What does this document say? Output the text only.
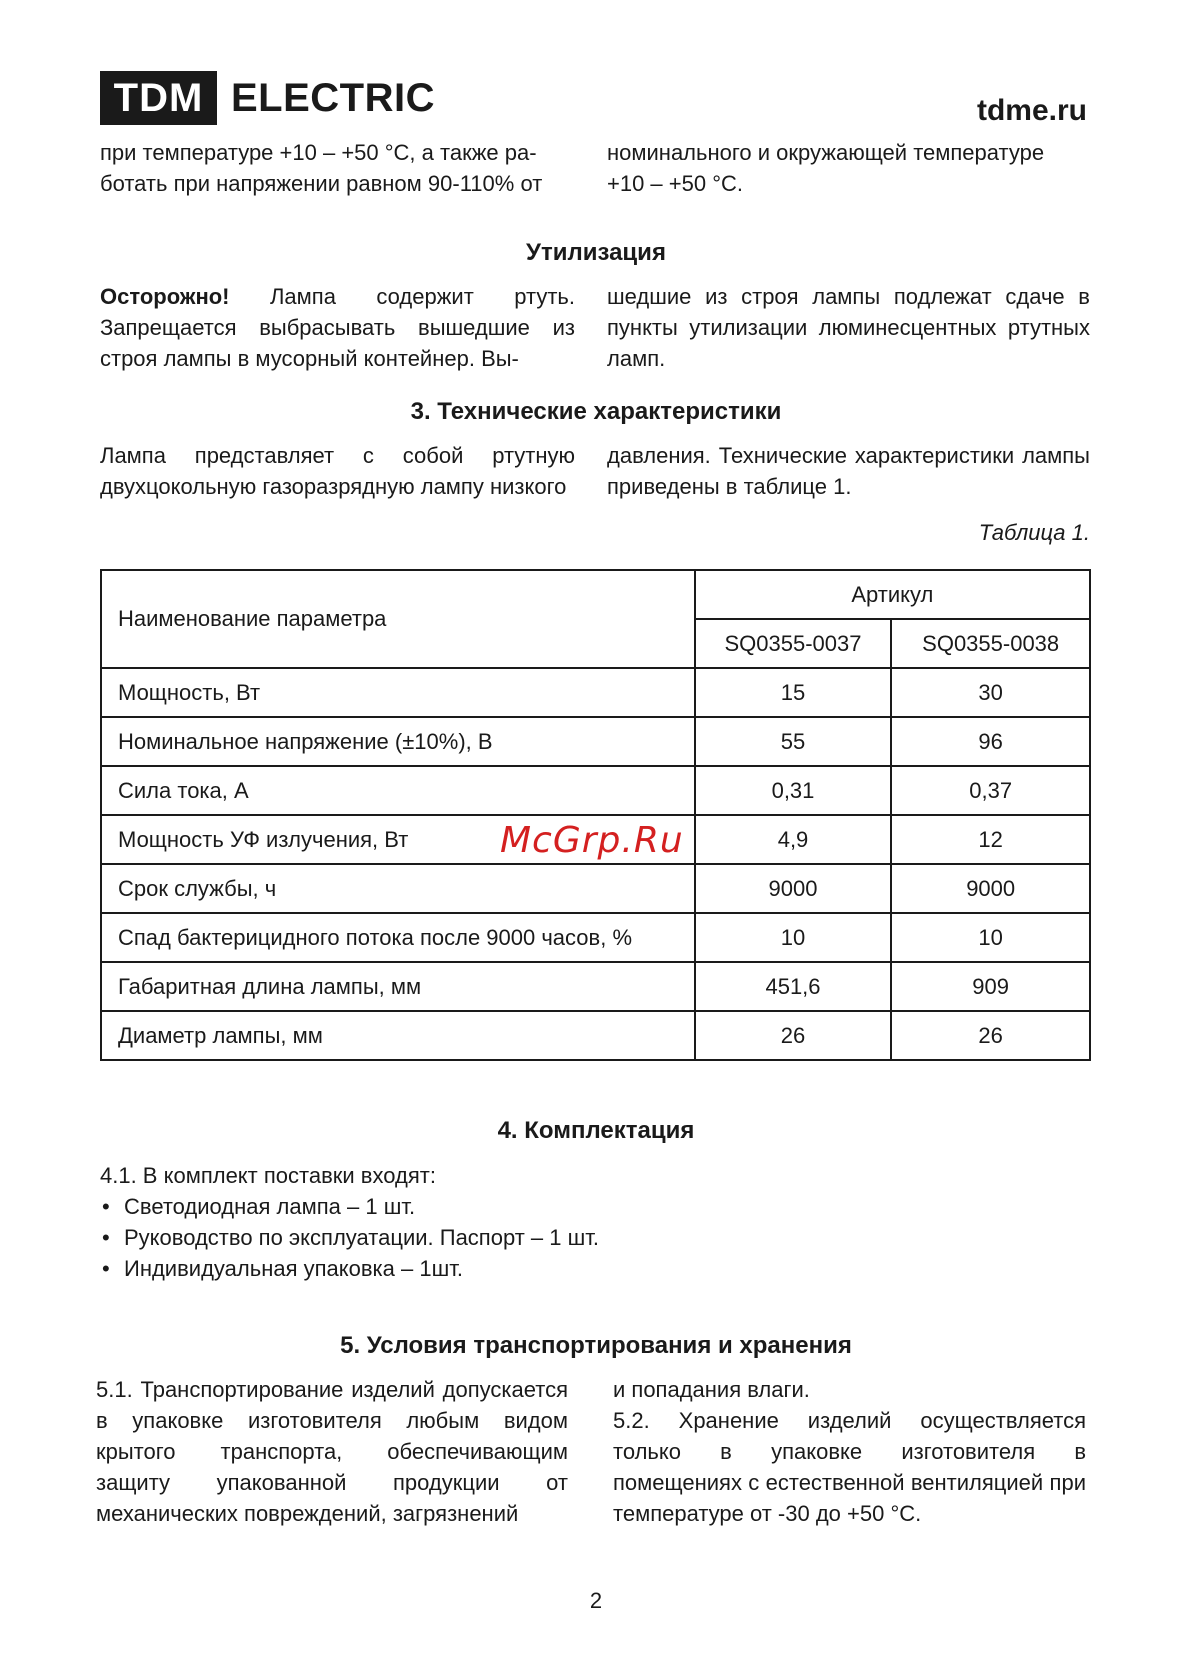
TDM ELECTRIC	tdme.ru
при температуре +10 – +50 °С, а также ра-
ботать при напряжении равном 90-110% от
номинального и окружающей температуре
+10 – +50 °С.
Утилизация
Осторожно! Лампа содержит ртуть. Запрещается выбрасывать вышедшие из строя лампы в мусорный контейнер. Вы-
шедшие из строя лампы подлежат сдаче в пункты утилизации люминесцентных ртутных ламп.
3. Технические характеристики
Лампа представляет с собой ртутную двухцокольную газоразрядную лампу низкого
давления. Технические характеристики лампы приведены в таблице 1.
Таблица 1.
Наименование параметра	Артикул	
	SQ0355-0037	SQ0355-0038
Мощность, Вт	15	30
Номинальное напряжение (±10%), В	55	96
Сила тока, А	0,31	0,37
Мощность УФ излучения, Вт	4,9	12
Срок службы, ч	9000	9000
Спад бактерицидного потока после 9000 часов, %	10	10
Габаритная длина лампы, мм	451,6	909
Диаметр лампы, мм	26	26
McGrp.Ru
4. Комплектация
4.1. В комплект поставки входят:
• Светодиодная лампа – 1 шт.
• Руководство по эксплуатации. Паспорт – 1 шт.
• Индивидуальная упаковка – 1шт.
5. Условия транспортирования и хранения
5.1. Транспортирование изделий допускается в упаковке изготовителя любым видом крытого транспорта, обеспечивающим защиту упакованной продукции от механических повреждений, загрязнений
и попадания влаги.
5.2. Хранение изделий осуществляется только в упаковке изготовителя в помещениях с естественной вентиляцией при температуре от -30 до +50 °С.
2
